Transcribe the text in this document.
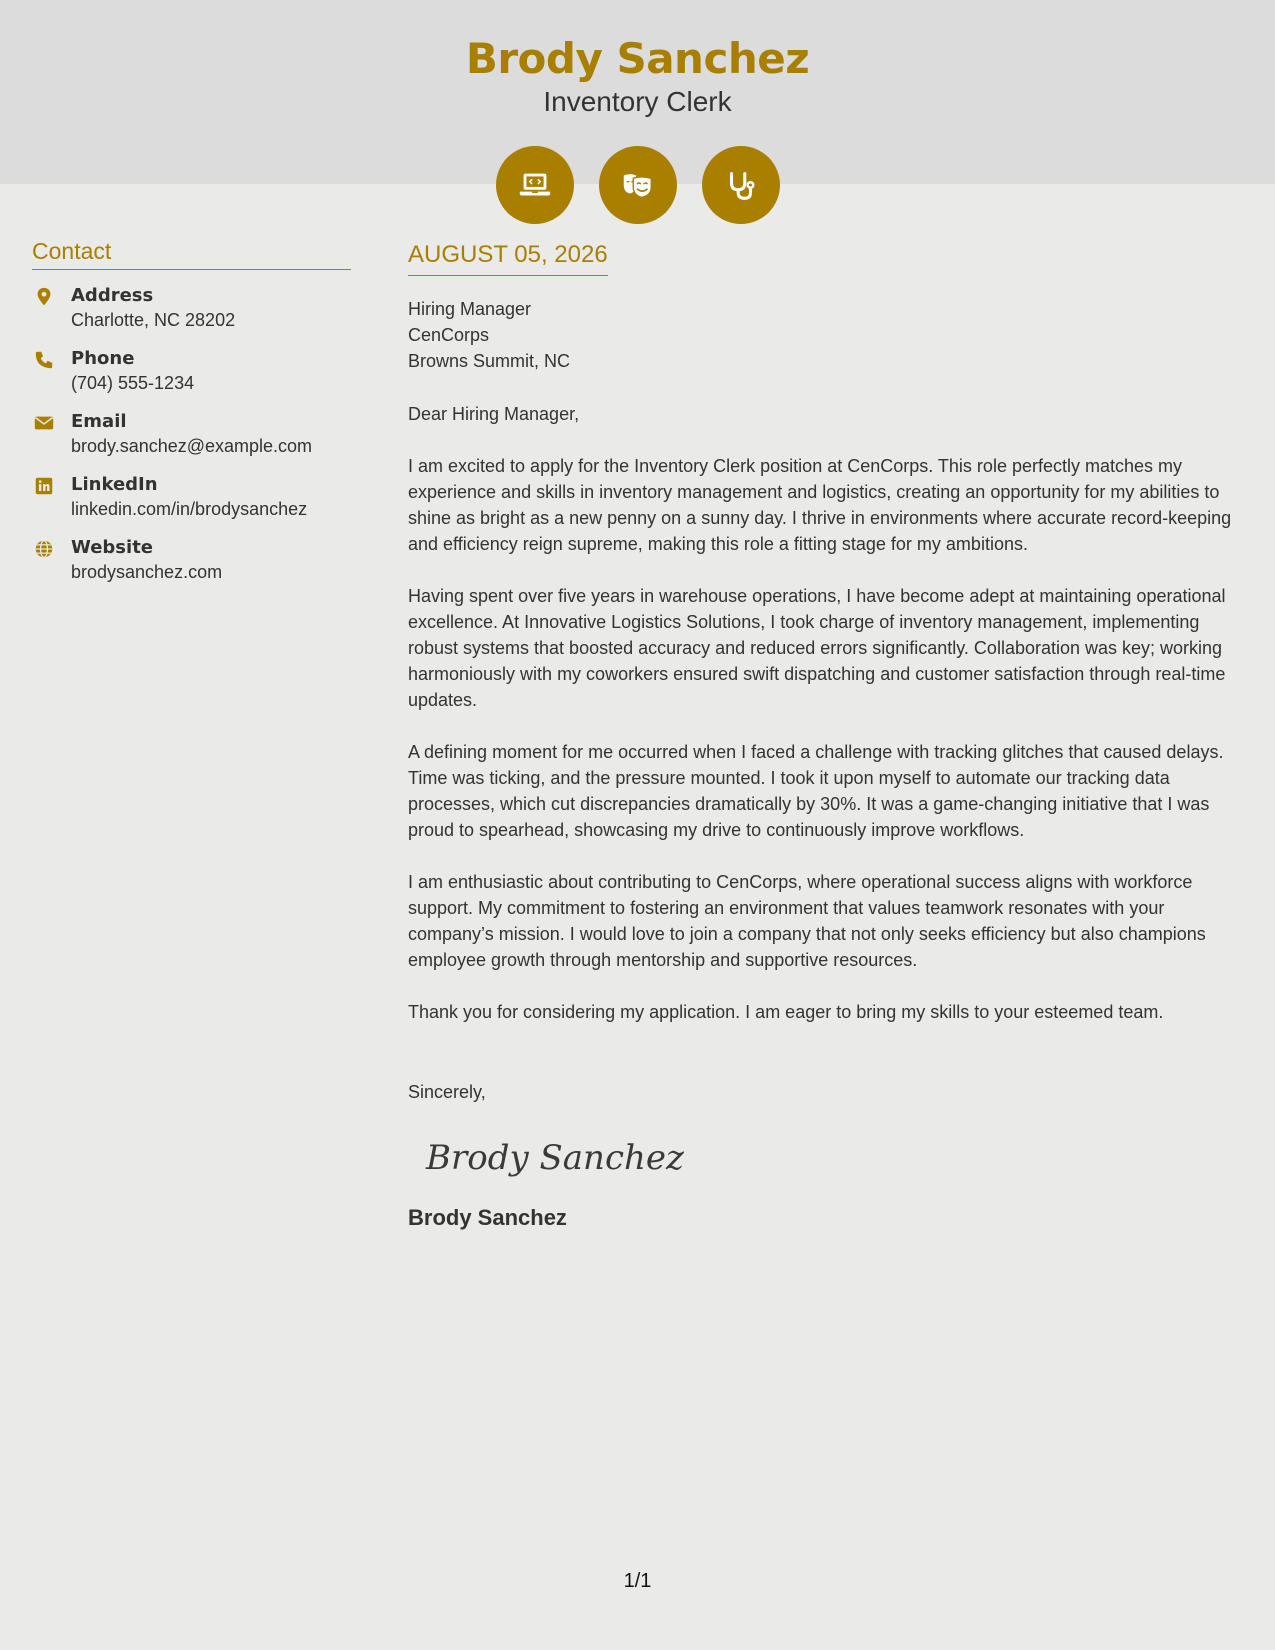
Brody Sanchez
Inventory Clerk
Contact
Address
Charlotte, NC 28202
Phone
(704) 555-1234
Email
brody.sanchez@example.com
LinkedIn
linkedin.com/in/brodysanchez
Website
brodysanchez.com
AUGUST 05, 2026
Hiring Manager
CenCorps
Browns Summit, NC
Dear Hiring Manager,

I am excited to apply for the Inventory Clerk position at CenCorps. This role perfectly matches my experience and skills in inventory management and logistics, creating an opportunity for my abilities to shine as bright as a new penny on a sunny day. I thrive in environments where accurate record-keeping and efficiency reign supreme, making this role a fitting stage for my ambitions.

Having spent over five years in warehouse operations, I have become adept at maintaining operational excellence. At Innovative Logistics Solutions, I took charge of inventory management, implementing robust systems that boosted accuracy and reduced errors significantly. Collaboration was key; working harmoniously with my coworkers ensured swift dispatching and customer satisfaction through real-time updates.

A defining moment for me occurred when I faced a challenge with tracking glitches that caused delays. Time was ticking, and the pressure mounted. I took it upon myself to automate our tracking data processes, which cut discrepancies dramatically by 30%. It was a game-changing initiative that I was proud to spearhead, showcasing my drive to continuously improve workflows.

I am enthusiastic about contributing to CenCorps, where operational success aligns with workforce support. My commitment to fostering an environment that values teamwork resonates with your company’s mission. I would love to join a company that not only seeks efficiency but also champions employee growth through mentorship and supportive resources.

Thank you for considering my application. I am eager to bring my skills to your esteemed team.

Sincerely,
Brody Sanchez
Brody Sanchez
1/1
